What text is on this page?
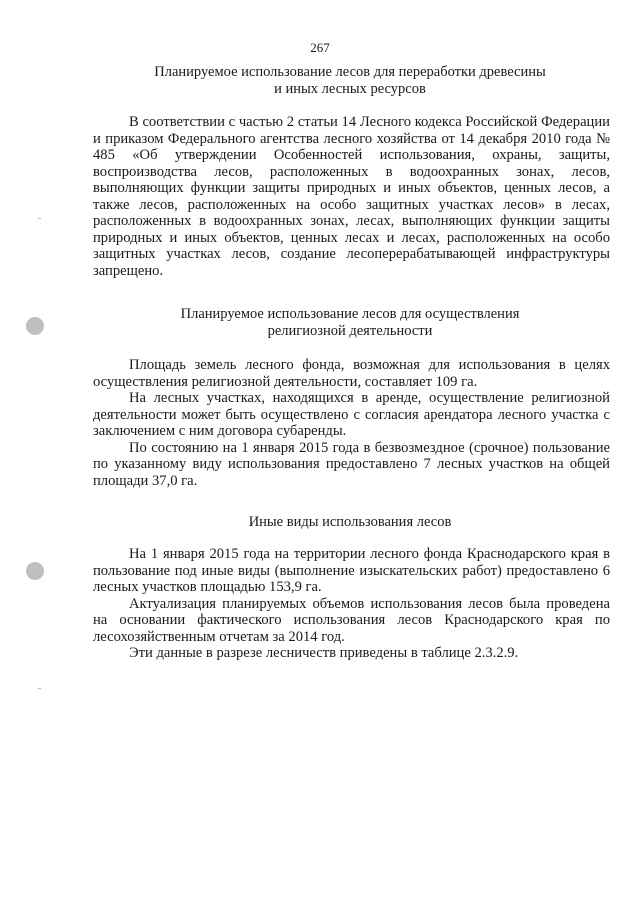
267
Планируемое использование лесов для переработки древесины
и иных лесных ресурсов

В соответствии с частью 2 статьи 14 Лесного кодекса Российской Федерации и приказом Федерального агентства лесного хозяйства от 14 декабря 2010 года № 485 «Об утверждении Особенностей использования, охраны, защиты, воспроизводства лесов, расположенных в водоохранных зонах, лесов, выполняющих функции защиты природных и иных объектов, ценных лесов, а также лесов, расположенных на особо защитных участках лесов» в лесах, расположенных в водоохранных зонах, лесах, выполняющих функции защиты природных и иных объектов, ценных лесах и лесах, расположенных на особо защитных участках лесов, создание лесоперерабатывающей инфраструктуры запрещено.

Планируемое использование лесов для осуществления
религиозной деятельности

Площадь земель лесного фонда, возможная для использования в целях осуществления религиозной деятельности, составляет 109 га.

На лесных участках, находящихся в аренде, осуществление религиозной деятельности может быть осуществлено с согласия арендатора лесного участка с заключением с ним договора субаренды.

По состоянию на 1 января 2015 года в безвозмездное (срочное) пользование по указанному виду использования предоставлено 7 лесных участков на общей площади 37,0 га.

Иные виды использования лесов

На 1 января 2015 года на территории лесного фонда Краснодарского края в пользование под иные виды (выполнение изыскательских работ) предоставлено 6 лесных участков площадью 153,9 га.

Актуализация планируемых объемов использования лесов была проведена на основании фактического использования лесов Краснодарского края по лесохозяйственным отчетам за 2014 год.

Эти данные в разрезе лесничеств приведены в таблице 2.3.2.9.
